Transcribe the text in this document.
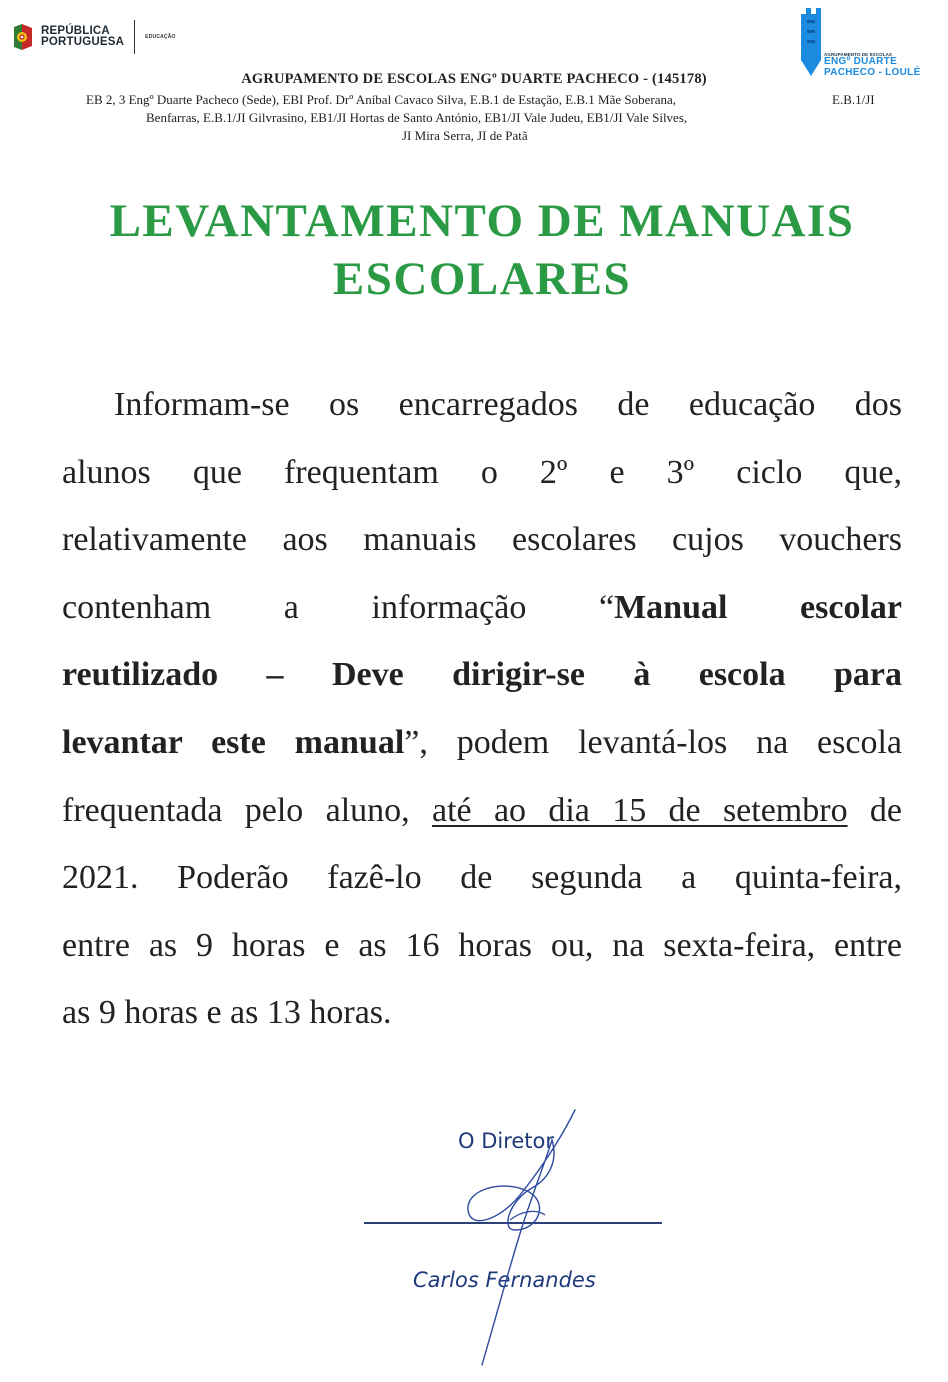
REPÚBLICA
PORTUGUESA	EDUCAÇÃO
AGRUPAMENTO DE ESCOLAS
ENGº DUARTE
PACHECO - LOULÉ
AGRUPAMENTO DE ESCOLAS ENGº DUARTE PACHECO - (145178)
EB 2, 3 Engº Duarte Pacheco (Sede), EBI Prof. Drº Aníbal Cavaco Silva, E.B.1 de Estação, E.B.1 Mãe Soberana,
Benfarras, E.B.1/JI Gilvrasino, EB1/JI Hortas de Santo António, EB1/JI Vale Judeu, EB1/JI Vale Silves,
JI Mira Serra, JI de Patã
E.B.1/JI
LEVANTAMENTO DE MANUAIS
ESCOLARES
Informam-se os encarregados de educação dos
alunos que frequentam o 2º e 3º ciclo que,
relativamente aos manuais escolares cujos vouchers
contenham a informação “Manual escolar
reutilizado – Deve dirigir-se à escola para
levantar este manual”, podem levantá-los na escola
frequentada pelo aluno, até ao dia 15 de setembro de
2021. Poderão fazê-lo de segunda a quinta-feira,
entre as 9 horas e as 16 horas ou, na sexta-feira, entre
as 9 horas e as 13 horas.
O Diretor
Carlos Fernandes
